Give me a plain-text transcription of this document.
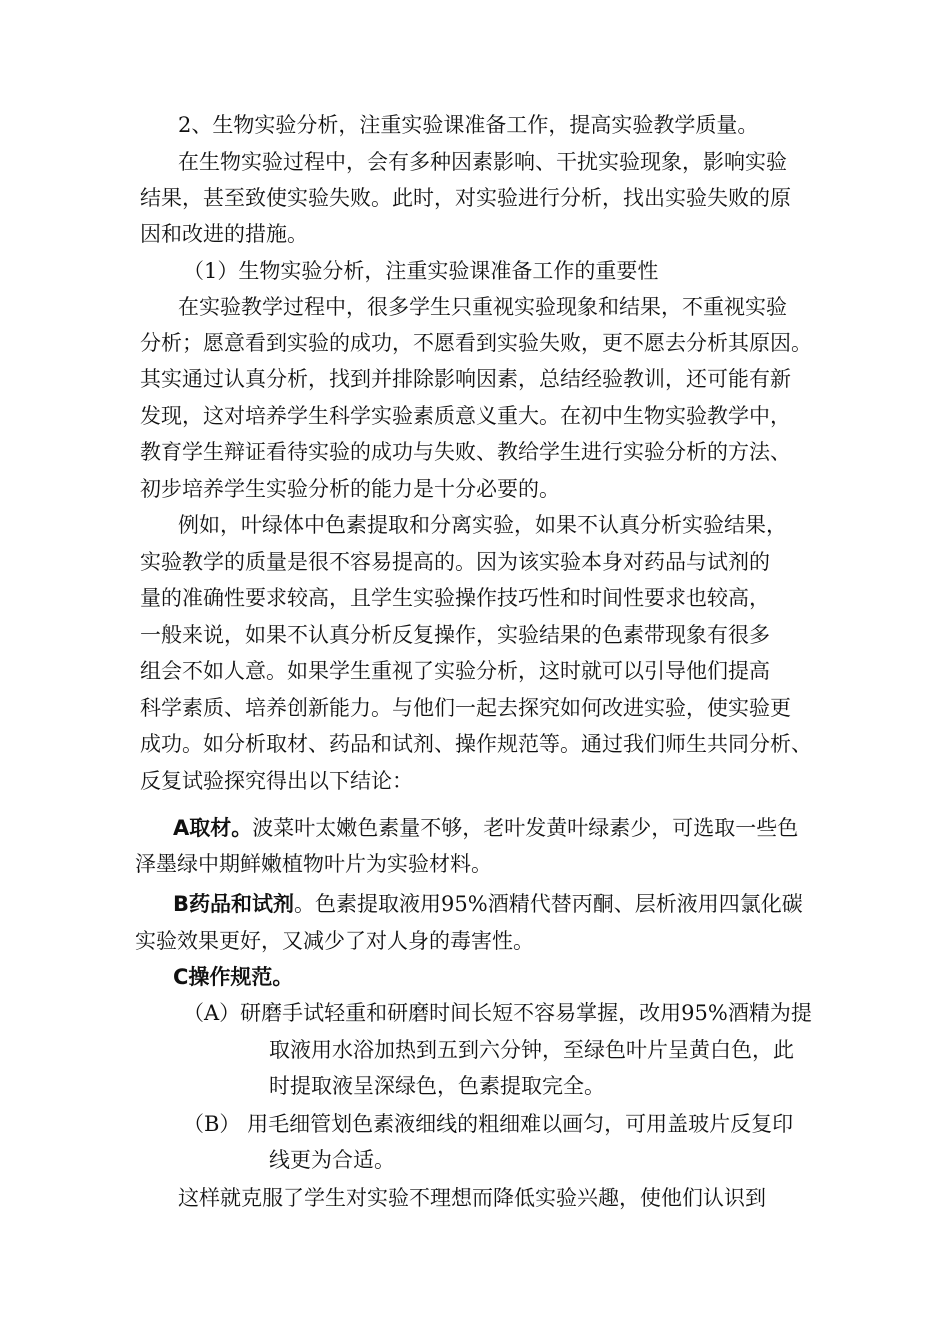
2、生物实验分析，注重实验课准备工作，提高实验教学质量。
在生物实验过程中，会有多种因素影响、干扰实验现象，影响实验
结果，甚至致使实验失败。此时，对实验进行分析，找出实验失败的原
因和改进的措施。
（1）生物实验分析，注重实验课准备工作的重要性
在实验教学过程中，很多学生只重视实验现象和结果，不重视实验
分析；愿意看到实验的成功，不愿看到实验失败，更不愿去分析其原因。
其实通过认真分析，找到并排除影响因素，总结经验教训，还可能有新
发现，这对培养学生科学实验素质意义重大。在初中生物实验教学中，
教育学生辩证看待实验的成功与失败、教给学生进行实验分析的方法、
初步培养学生实验分析的能力是十分必要的。
例如，叶绿体中色素提取和分离实验，如果不认真分析实验结果，
实验教学的质量是很不容易提高的。因为该实验本身对药品与试剂的
量的准确性要求较高，且学生实验操作技巧性和时间性要求也较高，
一般来说，如果不认真分析反复操作，实验结果的色素带现象有很多
组会不如人意。如果学生重视了实验分析，这时就可以引导他们提高
科学素质、培养创新能力。与他们一起去探究如何改进实验，使实验更
成功。如分析取材、药品和试剂、操作规范等。通过我们师生共同分析、
反复试验探究得出以下结论：
A取材。波菜叶太嫩色素量不够，老叶发黄叶绿素少，可选取一些色
泽墨绿中期鲜嫩植物叶片为实验材料。
B药品和试剂。色素提取液用95%酒精代替丙酮、层析液用四氯化碳
实验效果更好，又减少了对人身的毒害性。
C操作规范。
（A）研磨手试轻重和研磨时间长短不容易掌握，改用95%酒精为提
取液用水浴加热到五到六分钟，至绿色叶片呈黄白色，此
时提取液呈深绿色，色素提取完全。
（B） 用毛细管划色素液细线的粗细难以画匀，可用盖玻片反复印
线更为合适。
这样就克服了学生对实验不理想而降低实验兴趣，使他们认识到
